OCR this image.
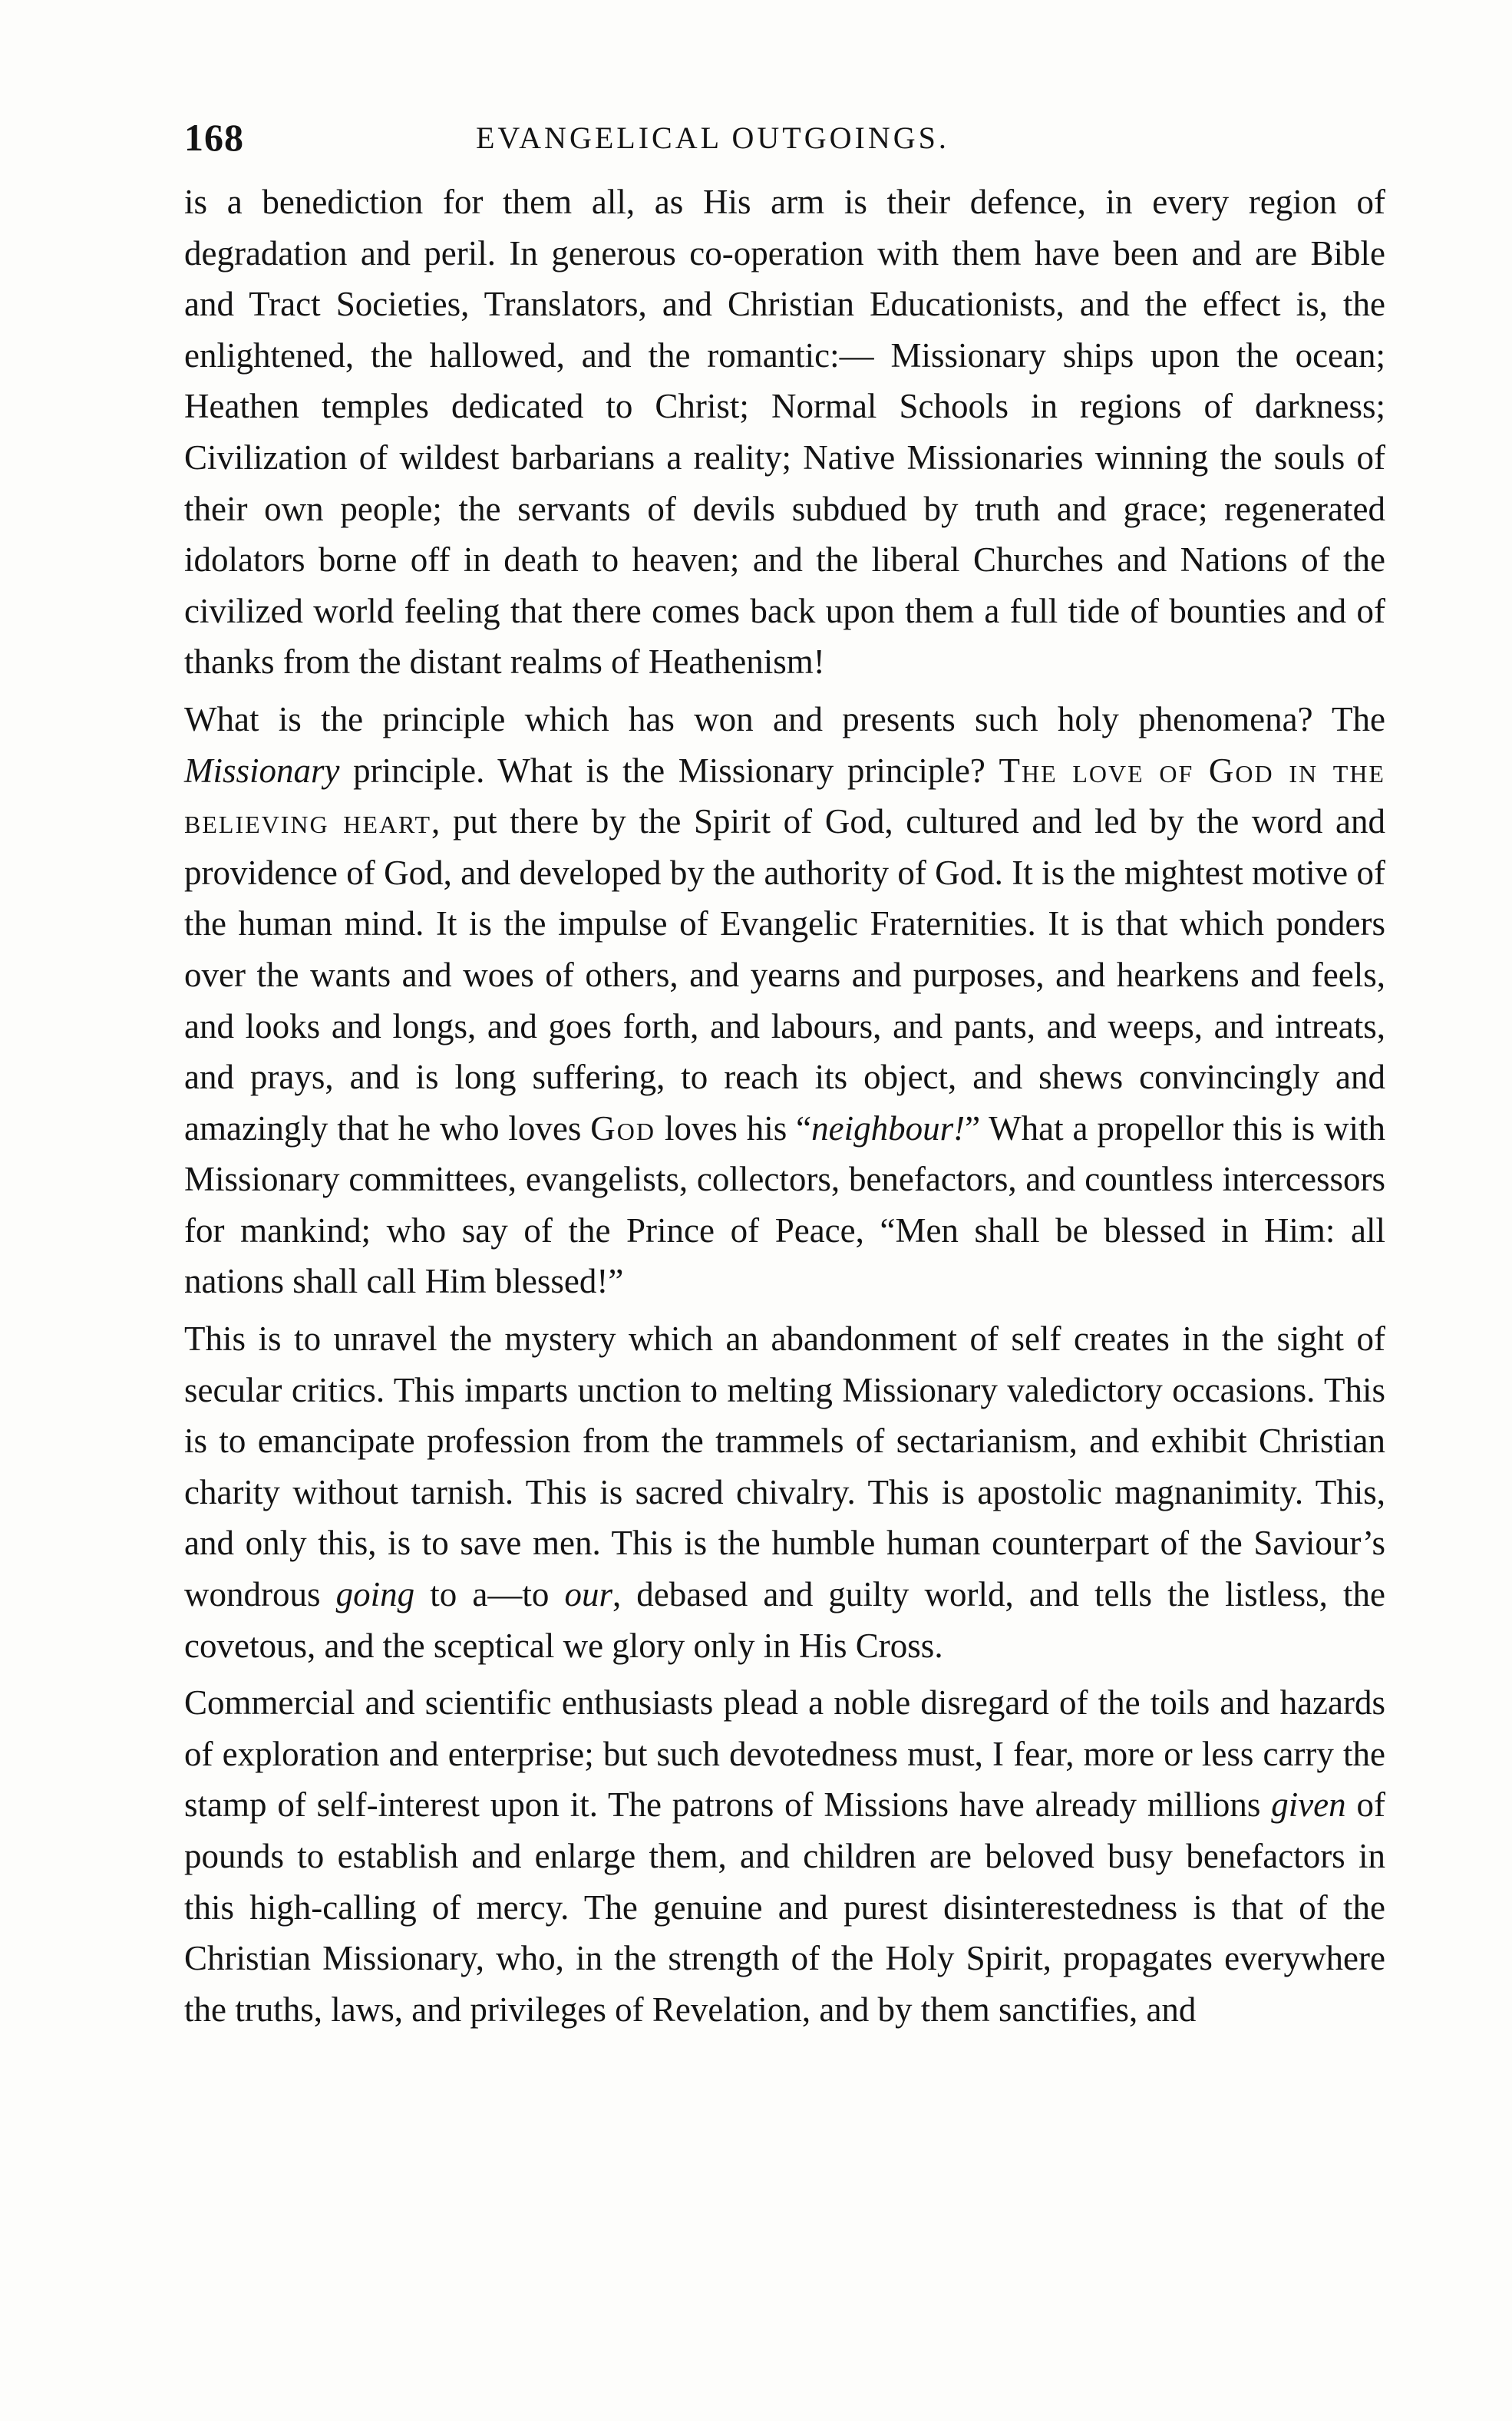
168	EVANGELICAL OUTGOINGS.

is a benediction for them all, as His arm is their defence, in every region of degradation and peril. In generous co-operation with them have been and are Bible and Tract Societies, Translators, and Christian Educationists, and the effect is, the enlightened, the hallowed, and the romantic:— Missionary ships upon the ocean; Heathen temples dedicated to Christ; Normal Schools in regions of darkness; Civilization of wildest barbarians a reality; Native Missionaries winning the souls of their own people; the servants of devils subdued by truth and grace; regenerated idolators borne off in death to heaven; and the liberal Churches and Nations of the civilized world feeling that there comes back upon them a full tide of bounties and of thanks from the distant realms of Heathenism!

What is the principle which has won and presents such holy phenomena? The Missionary principle. What is the Missionary principle? The love of God in the believing heart, put there by the Spirit of God, cultured and led by the word and providence of God, and developed by the authority of God. It is the mightest motive of the human mind. It is the impulse of Evangelic Fraternities. It is that which ponders over the wants and woes of others, and yearns and purposes, and hearkens and feels, and looks and longs, and goes forth, and labours, and pants, and weeps, and intreats, and prays, and is long suffering, to reach its object, and shews convincingly and amazingly that he who loves God loves his “neighbour!” What a propellor this is with Missionary committees, evangelists, collectors, benefactors, and countless intercessors for mankind; who say of the Prince of Peace, “Men shall be blessed in Him: all nations shall call Him blessed!”

This is to unravel the mystery which an abandonment of self creates in the sight of secular critics. This imparts unction to melting Missionary valedictory occasions. This is to emancipate profession from the trammels of sectarianism, and exhibit Christian charity without tarnish. This is sacred chivalry. This is apostolic magnanimity. This, and only this, is to save men. This is the humble human counterpart of the Saviour’s wondrous going to a—to our, debased and guilty world, and tells the listless, the covetous, and the sceptical we glory only in His Cross.

Commercial and scientific enthusiasts plead a noble disregard of the toils and hazards of exploration and enterprise; but such devotedness must, I fear, more or less carry the stamp of self-interest upon it. The patrons of Missions have already millions given of pounds to establish and enlarge them, and children are beloved busy benefactors in this high-calling of mercy. The genuine and purest disinterestedness is that of the Christian Missionary, who, in the strength of the Holy Spirit, propagates everywhere the truths, laws, and privileges of Revelation, and by them sanctifies, and
